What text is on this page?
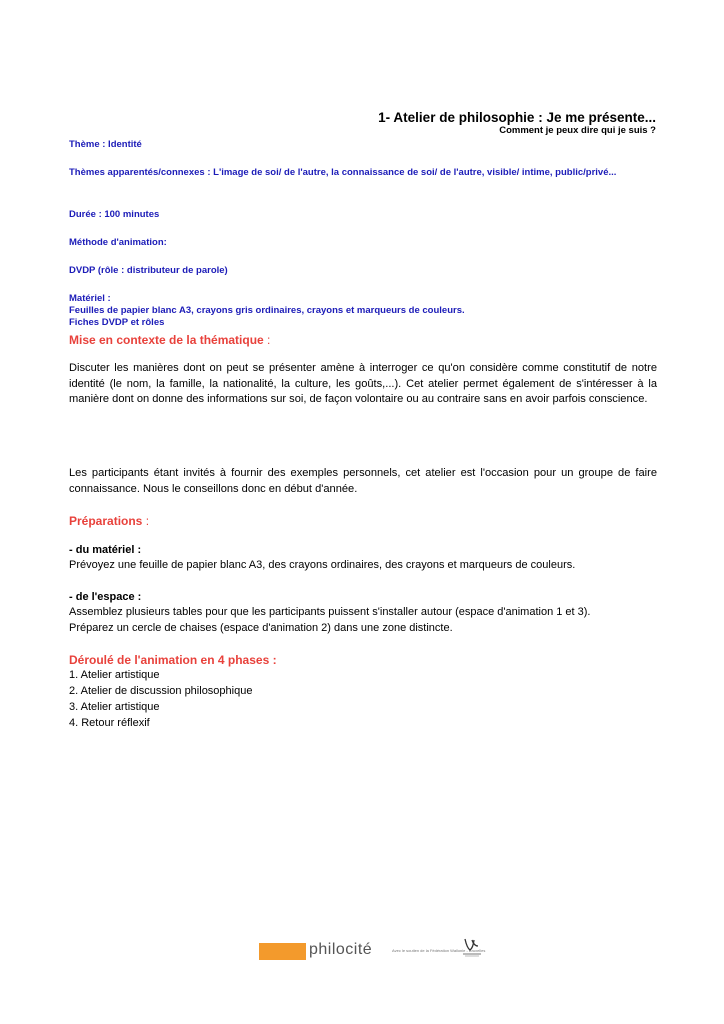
1- Atelier de philosophie : Je me présente...
Comment je peux dire qui je suis ?
Thème : Identité
Thèmes apparentés/connexes : L'image de soi/ de l'autre, la connaissance de soi/ de l'autre, visible/ intime, public/privé...
Durée : 100 minutes
Méthode d'animation:
DVDP (rôle : distributeur de parole)
Matériel :
Feuilles de papier blanc A3, crayons gris ordinaires, crayons et marqueurs de couleurs.
Fiches DVDP et rôles
Mise en contexte de la thématique :
Discuter les manières dont on peut se présenter amène à interroger ce qu'on considère comme constitutif de notre identité (le nom, la famille, la nationalité, la culture, les goûts,...). Cet atelier permet également de s'intéresser à la manière dont on donne des informations sur soi, de façon volontaire ou au contraire sans en avoir parfois conscience.
Les participants étant invités à fournir des exemples personnels, cet atelier est l'occasion pour un groupe de faire connaissance. Nous le conseillons donc en début d'année.
Préparations :
- du matériel :
Prévoyez une feuille de papier blanc A3, des crayons ordinaires, des crayons et marqueurs de couleurs.
- de l'espace :
Assemblez plusieurs tables pour que les participants puissent s'installer autour (espace d'animation 1 et 3).
Préparez un cercle de chaises (espace d'animation 2) dans une zone distincte.
Déroulé de l'animation en 4 phases :
1. Atelier artistique
2. Atelier de discussion philosophique
3. Atelier artistique
4. Retour réflexif
philocité	Avec le soutien de la Fédération Wallonie - Bruxelles
